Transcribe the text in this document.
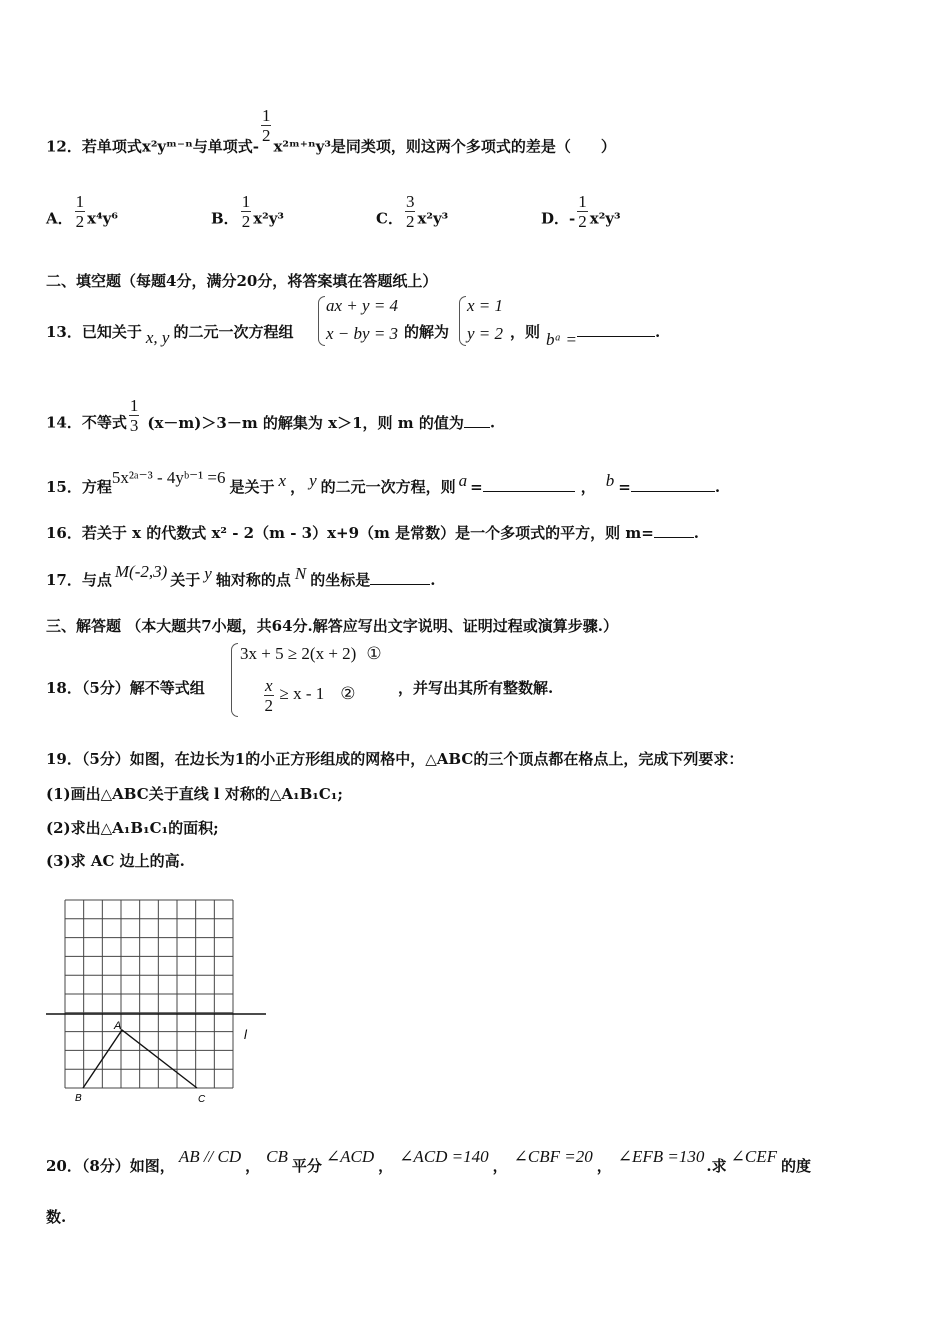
12．若单项式x²yᵐ⁻ⁿ与单项式-
$\frac{1}{2}$
x²ᵐ⁺ⁿy³是同类项，则这两个多项式的差是（　　）
A． $\frac{1}{2} x^4y^6$	B． $\frac{1}{2} x^2y^3$	C． $\frac{3}{2} x^2y^3$	D．- $\frac{1}{2} x^2y^3$
二、填空题（每题4分，满分20分，将答案填在答题纸上）
13．已知关于 x, y 的二元一次方程组
ax + y = 4
x − by = 3 的解为
x = 1
y = 2 ，则 bᵃ =	.
14．不等式 $\frac{1}{3} (x-m)>3-m$ 的解集为 x＞1，则 m 的值为 .
15．方程5x²ᵃ⁻³ - 4yᵇ⁻¹ =6 是关于 x ， y 的二元一次方程，则 a =	， b =	.
16．若关于 x 的代数式 x² - 2（m - 3）x+9（m 是常数）是一个多项式的平方，则 m=	.
17．与点 M(-2,3) 关于 y 轴对称的点 N 的坐标是	.
三、解答题 （本大题共7小题，共64分.解答应写出文字说明、证明过程或演算步骤.）
18．（5分）解不等式组
3x + 5 ≥ 2(x + 2) ①
$\frac{x}{2} \ge x - 1$ ②	，并写出其所有整数解.
19．（5分）如图，在边长为1的小正方形组成的网格中，△ABC的三个顶点都在格点上，完成下列要求：
(1)画出△ABC关于直线 l 对称的△A₁B₁C₁;
(2)求出△A₁B₁C₁的面积;
(3)求 AC 边上的高.
A
B	C
l
20．（8分）如图， AB // CD ， CB 平分 ∠ACD ， ∠ACD =140 ， ∠CBF =20 ， ∠EFB =130 .求 ∠CEF 的度
数.
